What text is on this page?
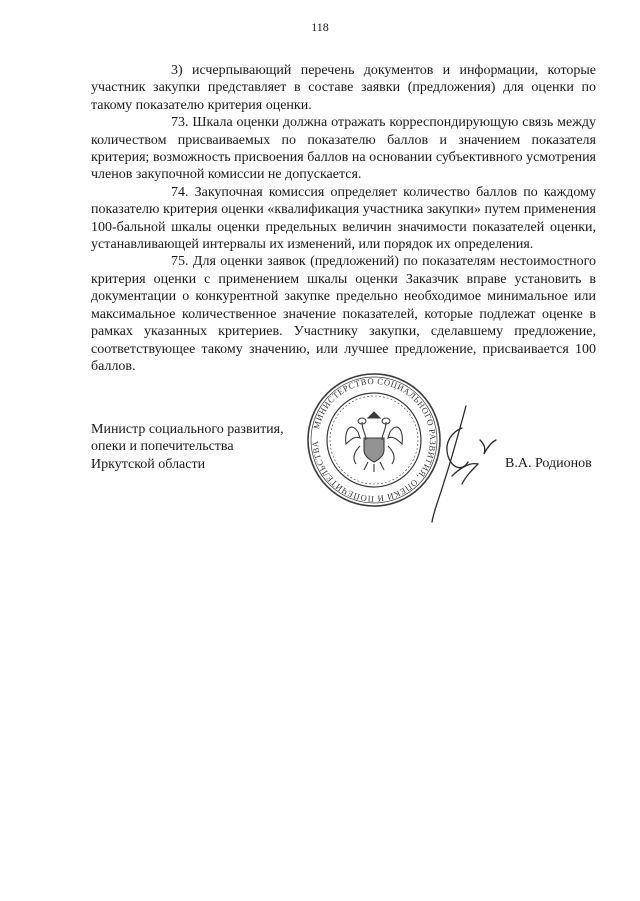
118

3) исчерпывающий перечень документов и информации, которые участник закупки представляет в составе заявки (предложения) для оценки по такому показателю критерия оценки.

73. Шкала оценки должна отражать корреспондирующую связь между количеством присваиваемых по показателю баллов и значением показателя критерия; возможность присвоения баллов на основании субъективного усмотрения членов закупочной комиссии не допускается.

74. Закупочная комиссия определяет количество баллов по каждому показателю критерия оценки «квалификация участника закупки» путем применения 100-бальной шкалы оценки предельных величин значимости показателей оценки, устанавливающей интервалы их изменений, или порядок их определения.

75. Для оценки заявок (предложений) по показателям нестоимостного критерия оценки с применением шкалы оценки Заказчик вправе установить в документации о конкурентной закупке предельно необходимое минимальное или максимальное количественное значение показателей, которые подлежат оценке в рамках указанных критериев. Участнику закупки, сделавшему предложение, соответствующее такому значению, или лучшее предложение, присваивается 100 баллов.

Министр социального развития,
опеки и попечительства
Иркутской области
МИНИСТЕРСТВО СОЦИАЛЬНОГО РАЗВИТИЯ, ОПЕКИ И ПОПЕЧИТЕЛЬСТВА
В.А. Родионов
